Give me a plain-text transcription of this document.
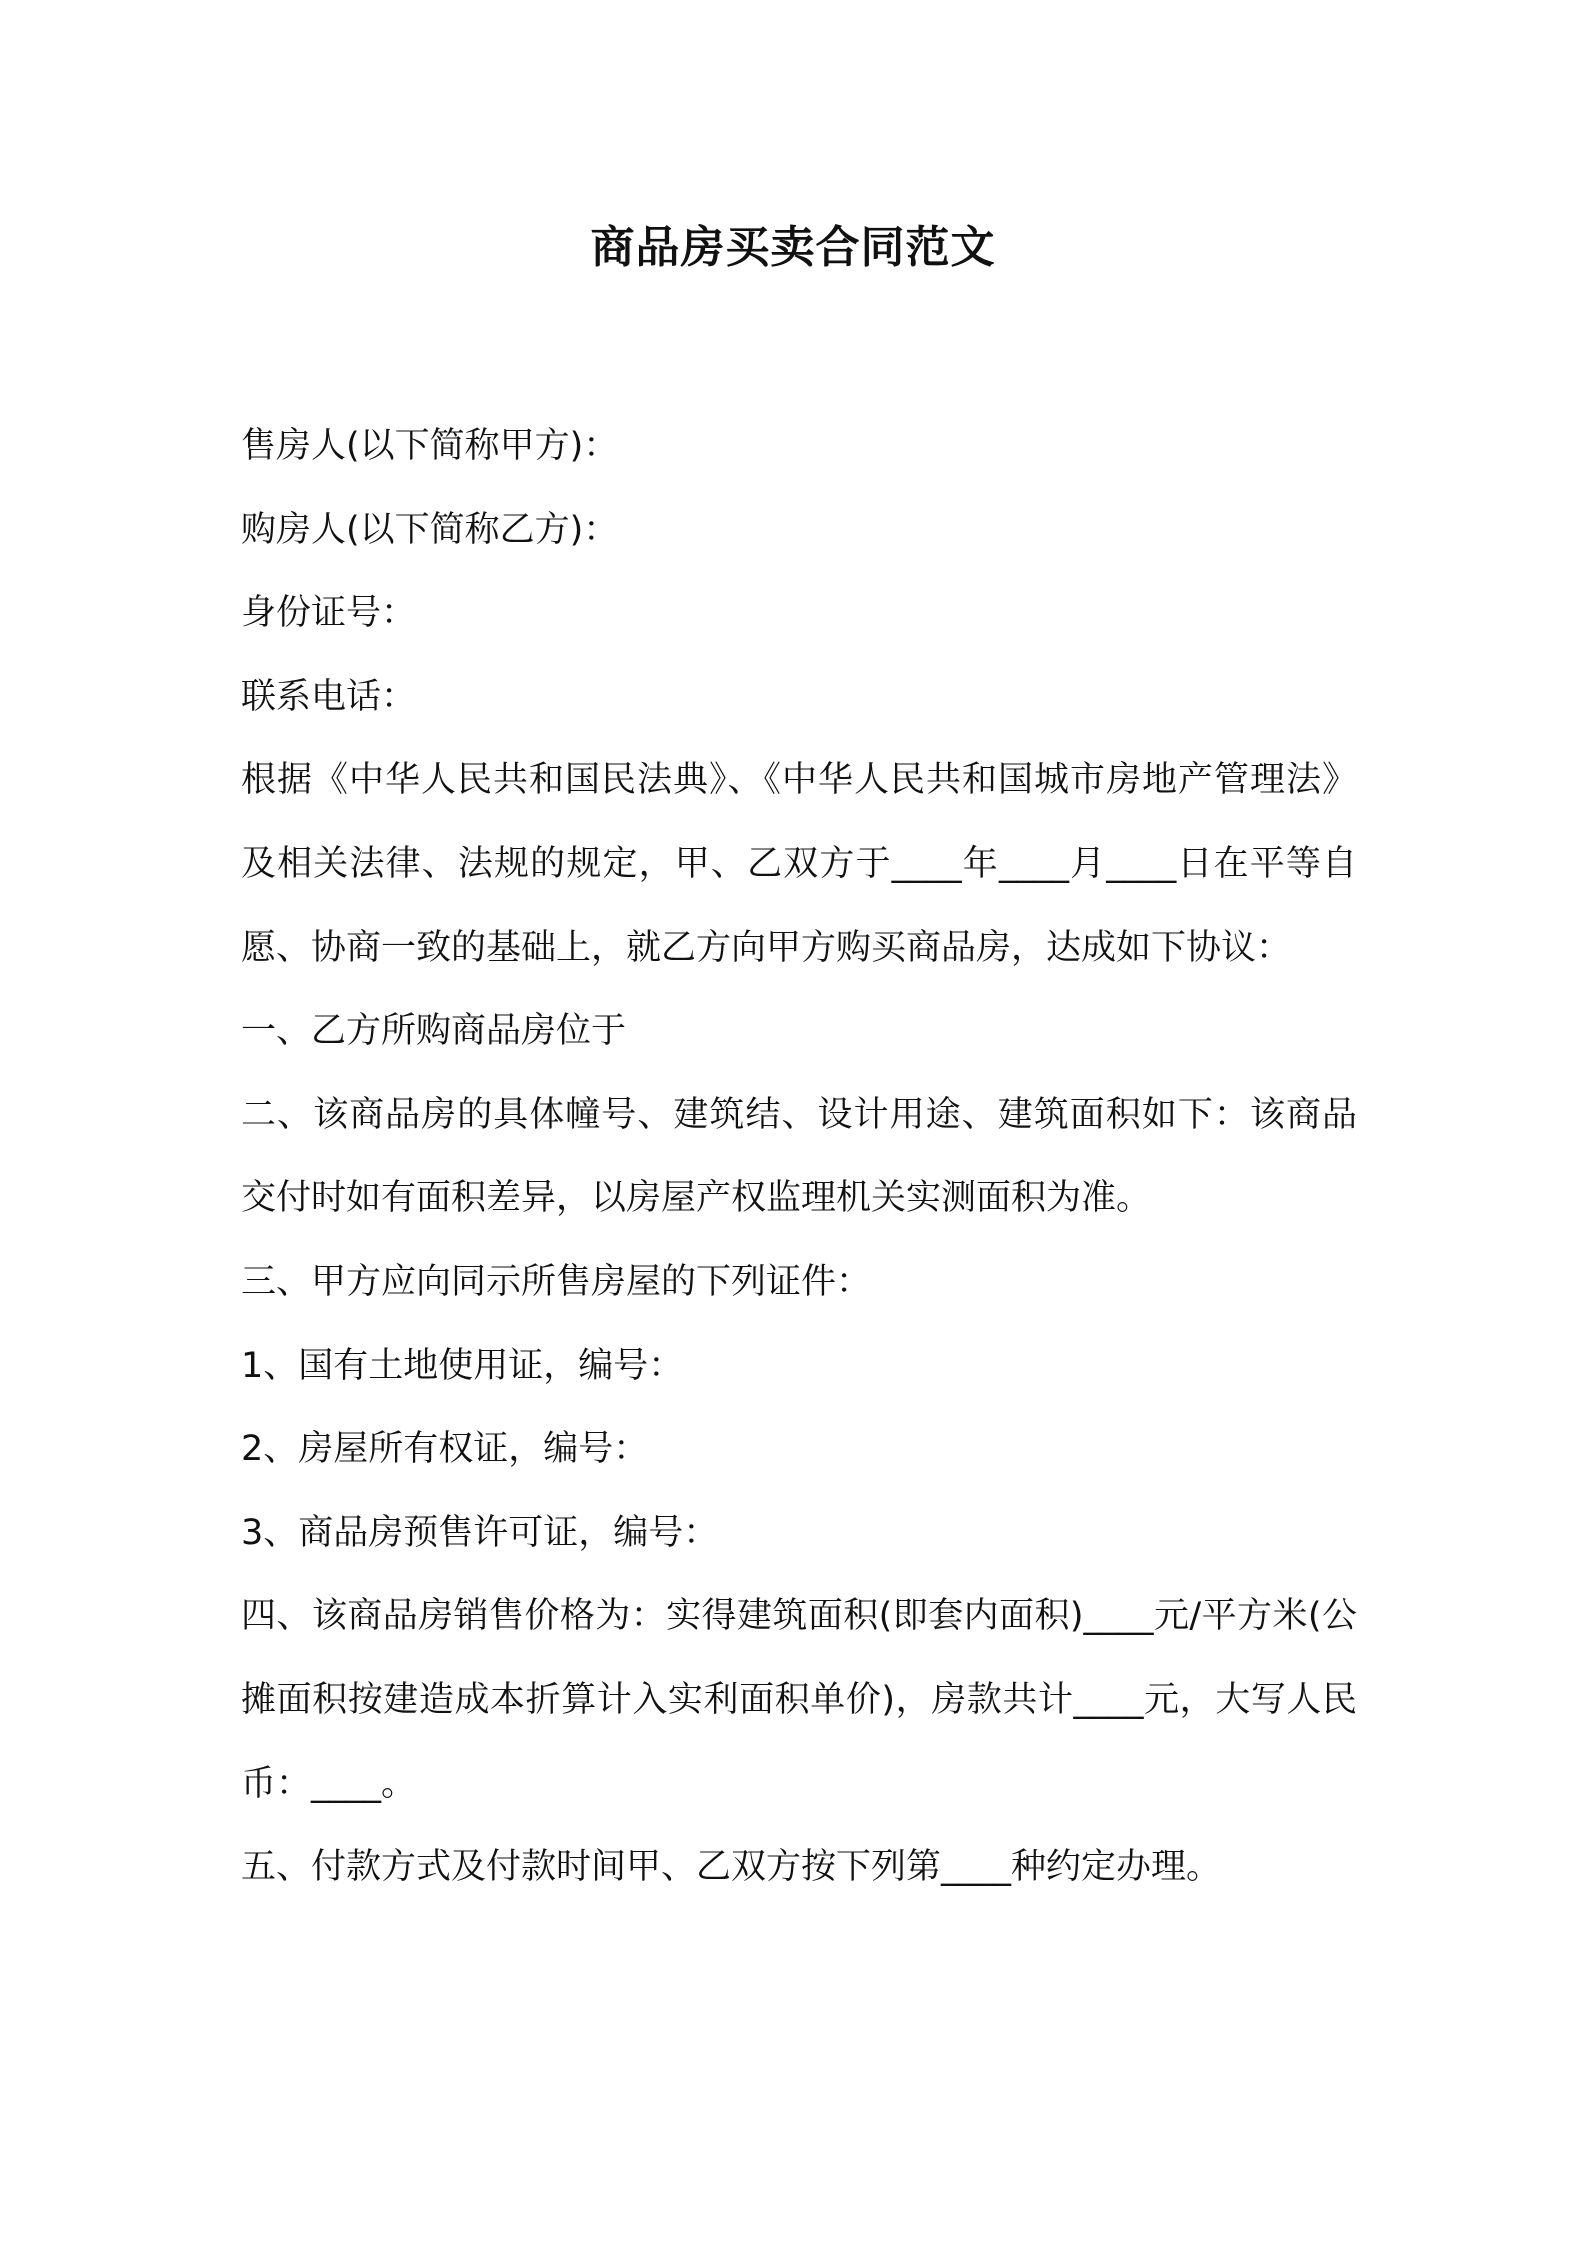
商品房买卖合同范文

售房人(以下简称甲方)：

购房人(以下简称乙方)：

身份证号：

联系电话：

根据《中华人民共和国民法典》、《中华人民共和国城市房地产管理法》及相关法律、法规的规定，甲、乙双方于____年____月____日在平等自愿、协商一致的基础上，就乙方向甲方购买商品房，达成如下协议：

一、乙方所购商品房位于

二、该商品房的具体幢号、建筑结、设计用途、建筑面积如下：该商品交付时如有面积差异，以房屋产权监理机关实测面积为准。

三、甲方应向同示所售房屋的下列证件：

1、国有土地使用证，编号：

2、房屋所有权证，编号：

3、商品房预售许可证，编号：

四、该商品房销售价格为：实得建筑面积(即套内面积)____元/平方米(公摊面积按建造成本折算计入实利面积单价)，房款共计____元，大写人民币：____。

五、付款方式及付款时间甲、乙双方按下列第____种约定办理。
